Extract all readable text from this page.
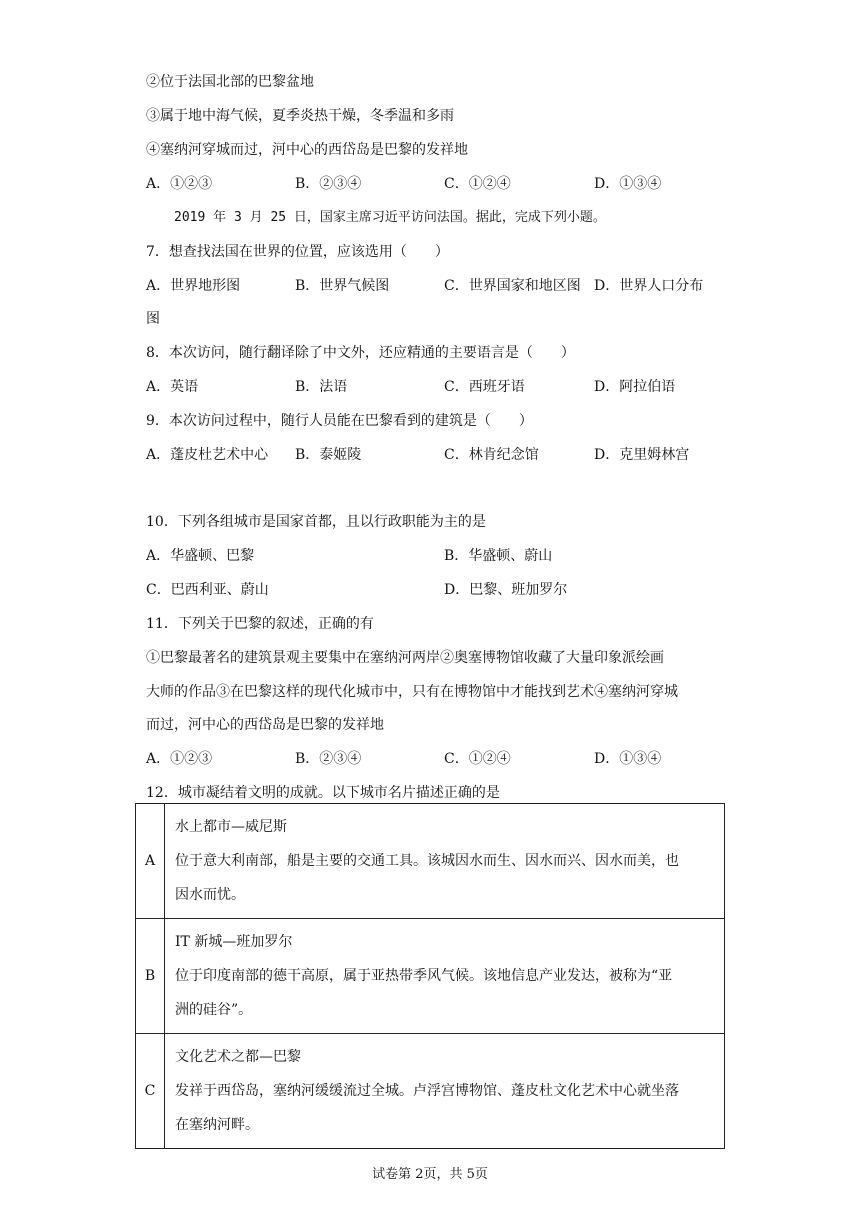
②位于法国北部的巴黎盆地
③属于地中海气候，夏季炎热干燥，冬季温和多雨
④塞纳河穿城而过，河中心的西岱岛是巴黎的发祥地
A．①②③	B．②③④	C．①②④	D．①③④
2019 年 3 月 25 日，国家主席习近平访问法国。据此，完成下列小题。
7．想查找法国在世界的位置，应该选用（　　）
A．世界地形图	B．世界气候图	C．世界国家和地区图 D．世界人口分布
图
8．本次访问，随行翻译除了中文外，还应精通的主要语言是（　　）
A．英语	B．法语	C．西班牙语	D．阿拉伯语
9．本次访问过程中，随行人员能在巴黎看到的建筑是（　　）
A．蓬皮杜艺术中心 B．泰姬陵	C．林肯纪念馆	D．克里姆林宫
10．下列各组城市是国家首都，且以行政职能为主的是
A．华盛顿、巴黎	B．华盛顿、蔚山
C．巴西利亚、蔚山	D．巴黎、班加罗尔
11．下列关于巴黎的叙述，正确的有
①巴黎最著名的建筑景观主要集中在塞纳河两岸②奥塞博物馆收藏了大量印象派绘画
大师的作品③在巴黎这样的现代化城市中，只有在博物馆中才能找到艺术④塞纳河穿城
而过，河中心的西岱岛是巴黎的发祥地
A．①②③	B．②③④	C．①②④	D．①③④
12．城市凝结着文明的成就。以下城市名片描述正确的是
A	水上都市—威尼斯
位于意大利南部，船是主要的交通工具。该城因水而生、因水而兴、因水而美，也
因水而忧。

B	IT 新城—班加罗尔
位于印度南部的德干高原，属于亚热带季风气候。该地信息产业发达，被称为“亚
洲的硅谷”。

C	文化艺术之都—巴黎
发祥于西岱岛，塞纳河缓缓流过全城。卢浮宫博物馆、蓬皮杜文化艺术中心就坐落
在塞纳河畔。
试卷第 2页，共 5页
